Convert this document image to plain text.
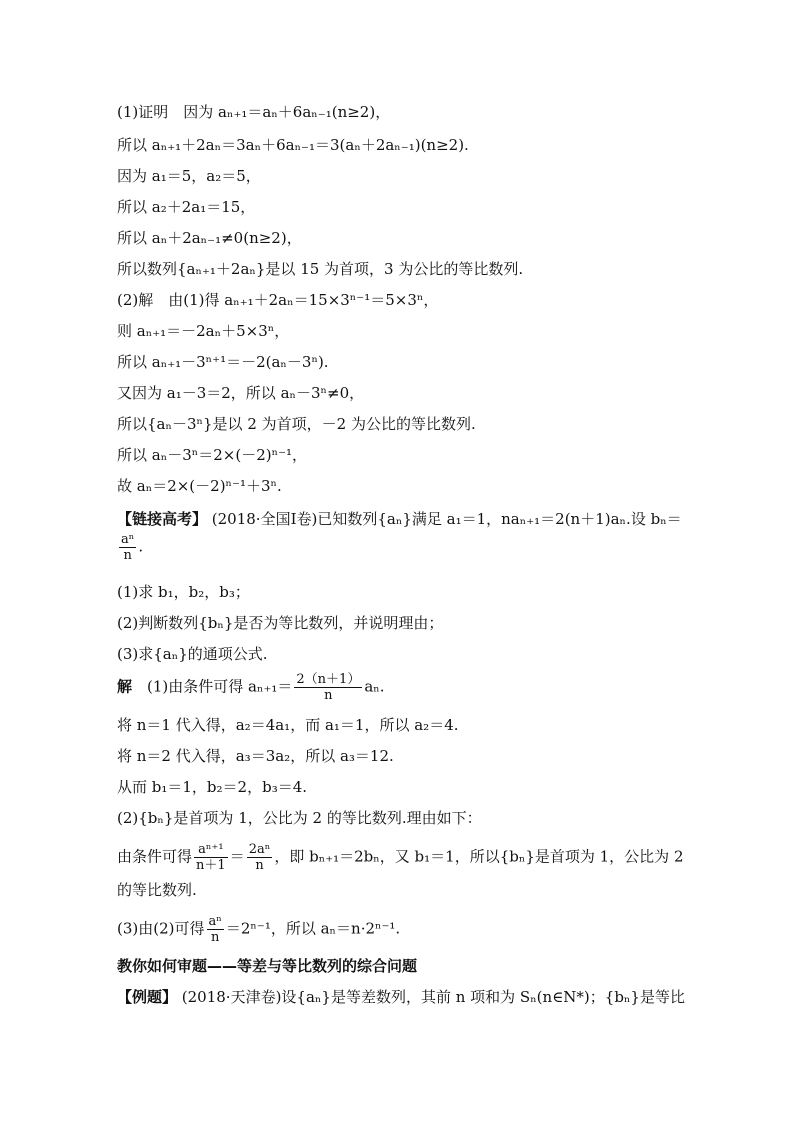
(1)证明　因为 aₙ₊₁＝aₙ＋6aₙ₋₁(n≥2)，
所以 aₙ₊₁＋2aₙ＝3aₙ＋6aₙ₋₁＝3(aₙ＋2aₙ₋₁)(n≥2).
因为 a₁＝5，a₂＝5，
所以 a₂＋2a₁＝15，
所以 aₙ＋2aₙ₋₁≠0(n≥2)，
所以数列{aₙ₊₁＋2aₙ}是以 15 为首项，3 为公比的等比数列.
(2)解　由(1)得 aₙ₊₁＋2aₙ＝15×3ⁿ⁻¹＝5×3ⁿ，
则 aₙ₊₁＝－2aₙ＋5×3ⁿ，
所以 aₙ₊₁－3ⁿ⁺¹＝－2(aₙ－3ⁿ).
又因为 a₁－3＝2，所以 aₙ－3ⁿ≠0，
所以{aₙ－3ⁿ}是以 2 为首项，－2 为公比的等比数列.
所以 aₙ－3ⁿ＝2×(－2)ⁿ⁻¹，
故 aₙ＝2×(－2)ⁿ⁻¹＋3ⁿ.
【链接高考】 (2018·全国Ⅰ卷)已知数列{aₙ}满足 a₁＝1，naₙ₊₁＝2(n＋1)aₙ.设 bₙ＝
$\frac{\text{aⁿ}}{n}$ .
(1)求 b₁，b₂，b₃；
(2)判断数列{bₙ}是否为等比数列，并说明理由；
(3)求{aₙ}的通项公式.
解　(1)由条件可得 $a_{n+1}= \frac{2(n+1)}{n} a_n$.
将 n＝1 代入得，a₂＝4a₁，而 a₁＝1，所以 a₂＝4.
将 n＝2 代入得，a₃＝3a₂，所以 a₃＝12.
从而 b₁＝1，b₂＝2，b₃＝4.
(2){bₙ}是首项为 1，公比为 2 的等比数列.理由如下：
由条件可得 $\frac{\text{aⁿ⁺¹}}{n+1} = \frac{\text{2aⁿ}}{n}$ ，即 bₙ₊₁＝2bₙ，又 b₁＝1，所以{bₙ}是首项为 1，公比为 2
的等比数列.
(3)由(2)可得 $\frac{\text{aⁿ}}{n} =2^{n-1}$，所以 aₙ＝n·2ⁿ⁻¹.
教你如何审题——等差与等比数列的综合问题
【例题】 (2018·天津卷)设{aₙ}是等差数列，其前 n 项和为 Sₙ(n∈N*)；{bₙ}是等比
